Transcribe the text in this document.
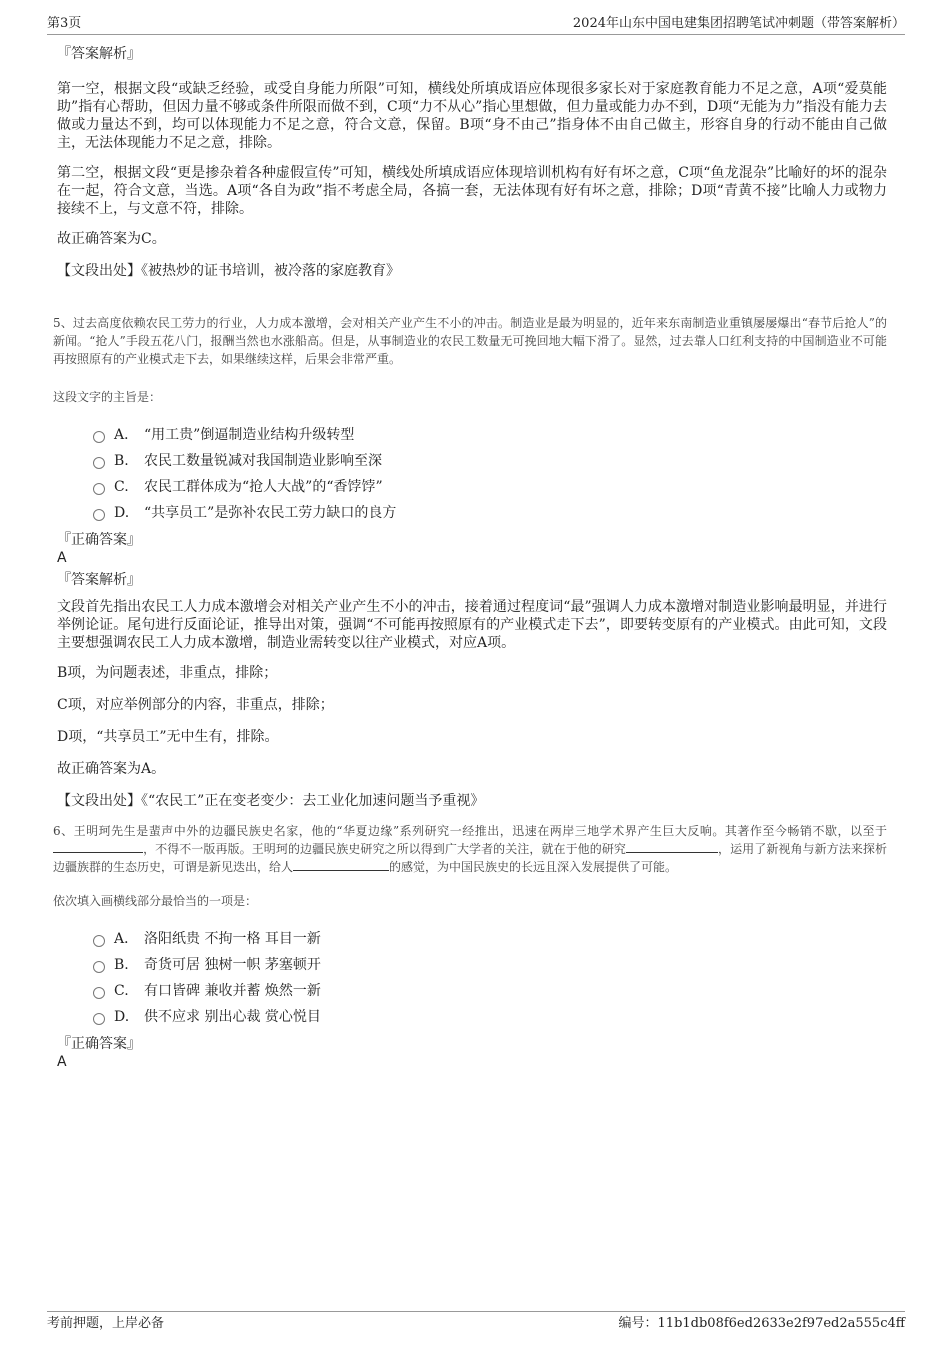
第3页	2024年山东中国电建集团招聘笔试冲刺题（带答案解析）

『答案解析』

第一空，根据文段“或缺乏经验，或受自身能力所限”可知，横线处所填成语应体现很多家长对于家庭教育能力不足之意，A项“爱莫能助”指有心帮助，但因力量不够或条件所限而做不到，C项“力不从心”指心里想做，但力量或能力办不到，D项“无能为力”指没有能力去做或力量达不到，均可以体现能力不足之意，符合文意，保留。B项“身不由己”指身体不由自己做主，形容自身的行动不能由自己做主，无法体现能力不足之意，排除。

第二空，根据文段“更是掺杂着各种虚假宣传”可知，横线处所填成语应体现培训机构有好有坏之意，C项“鱼龙混杂”比喻好的坏的混杂在一起，符合文意，当选。A项“各自为政”指不考虑全局，各搞一套，无法体现有好有坏之意，排除；D项“青黄不接”比喻人力或物力接续不上，与文意不符，排除。

故正确答案为C。

【文段出处】《被热炒的证书培训，被冷落的家庭教育》

5、过去高度依赖农民工劳力的行业，人力成本激增，会对相关产业产生不小的冲击。制造业是最为明显的，近年来东南制造业重镇屡屡爆出“春节后抢人”的新闻。“抢人”手段五花八门，报酬当然也水涨船高。但是，从事制造业的农民工数量无可挽回地大幅下滑了。显然，过去靠人口红利支持的中国制造业不可能再按照原有的产业模式走下去，如果继续这样，后果会非常严重。

这段文字的主旨是：

A． “用工贵”倒逼制造业结构升级转型
B.	农民工数量锐减对我国制造业影响至深
C.	农民工群体成为“抢人大战”的“香饽饽”
D.	“共享员工”是弥补农民工劳力缺口的良方

『正确答案』

A

『答案解析』

文段首先指出农民工人力成本激增会对相关产业产生不小的冲击，接着通过程度词“最”强调人力成本激增对制造业影响最明显，并进行举例论证。尾句进行反面论证，推导出对策，强调“不可能再按照原有的产业模式走下去”，即要转变原有的产业模式。由此可知，文段主要想强调农民工人力成本激增，制造业需转变以往产业模式，对应A项。

B项，为问题表述，非重点，排除；

C项，对应举例部分的内容，非重点，排除；

D项，“共享员工”无中生有，排除。

故正确答案为A。

【文段出处】《“农民工”正在变老变少：去工业化加速问题当予重视》

6、王明珂先生是蜚声中外的边疆民族史名家，他的“华夏边缘”系列研究一经推出，迅速在两岸三地学术界产生巨大反响。其著作至今畅销不歇，以至于，不得不一版再版。王明珂的边疆民族史研究之所以得到广大学者的关注，就在于他的研究	，运用了新视角与新方法来探析边疆族群的生态历史，可谓是新见迭出，给人	的感觉，为中国民族史的长远且深入发展提供了可能。

依次填入画横线部分最恰当的一项是：

A． 洛阳纸贵 不拘一格 耳目一新
B.	奇货可居 独树一帜 茅塞顿开
C.	有口皆碑 兼收并蓄 焕然一新
D.	供不应求 别出心裁 赏心悦目

『正确答案』

A

考前押题，上岸必备	编号：11b1db08f6ed2633e2f97ed2a555c4ff
